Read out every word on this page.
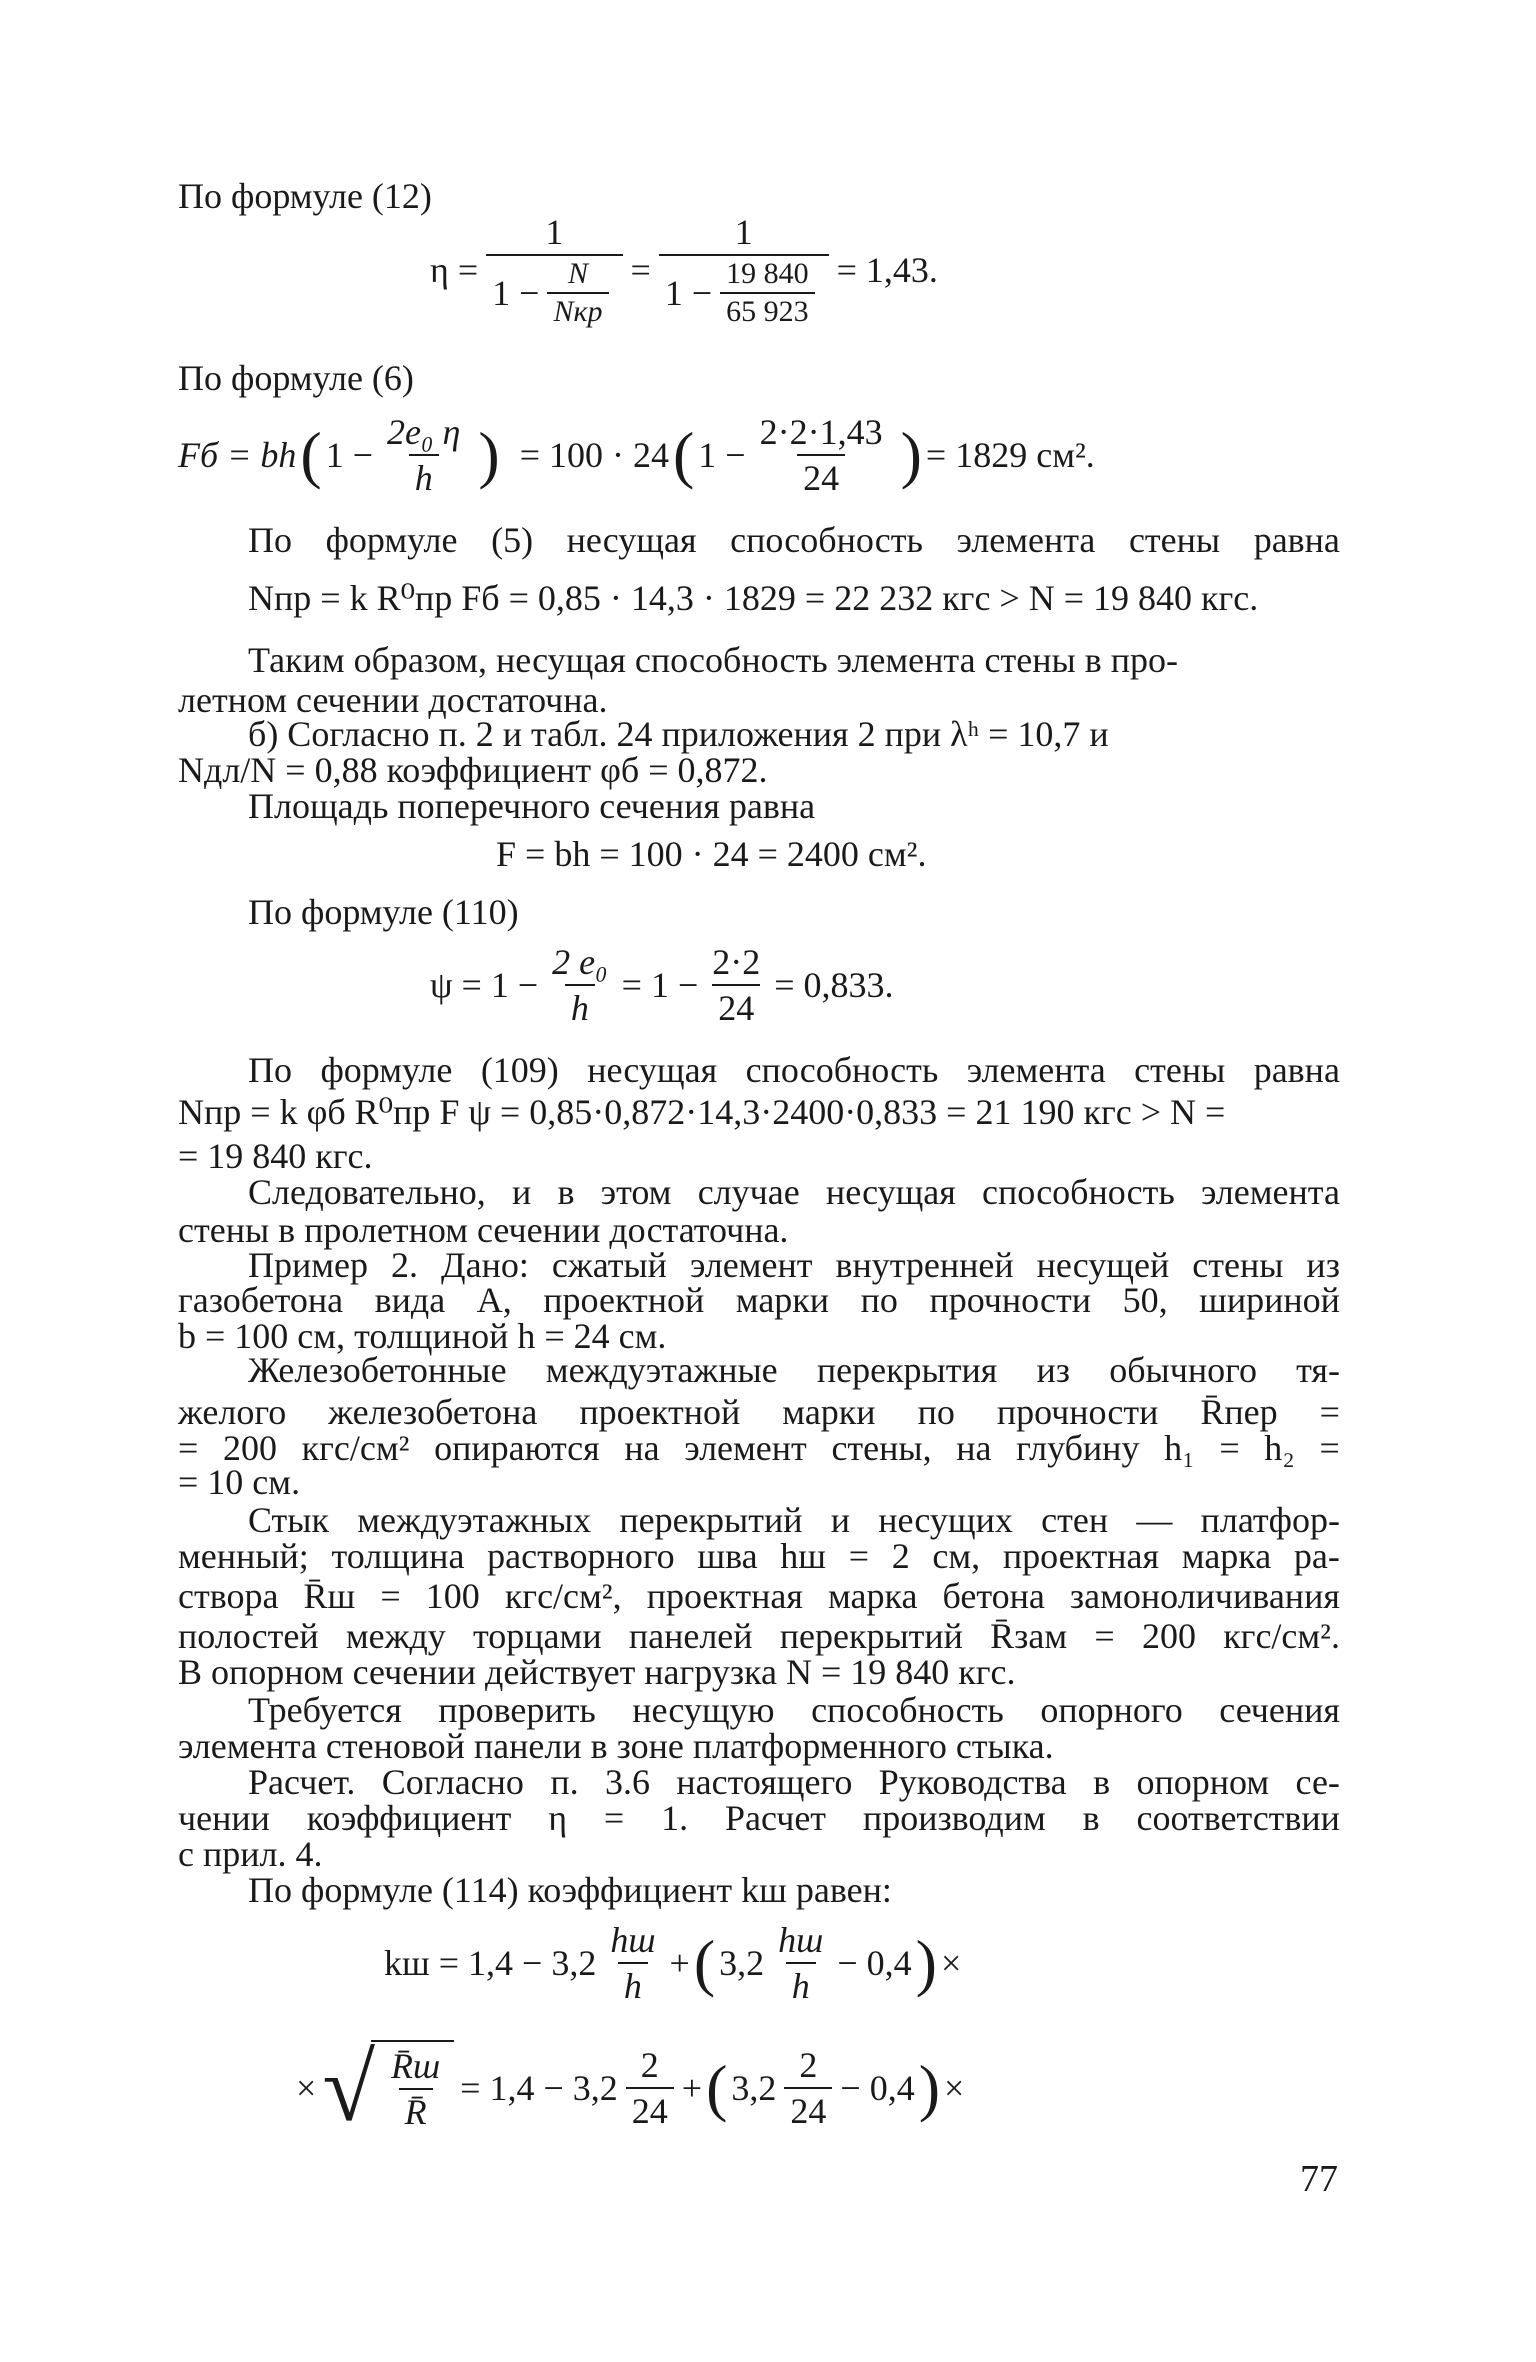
По формуле (12)
η =
1
1 − N
Nкр
= $\frac{1}{1 - \frac{19 840}{65 923}} = 1,43$.
По формуле (6)
Fб = bh ( $1 - \frac{\text{2e₀ η}}{h}$ ) = 100 · 24 ( $1 - \frac{2\cdot 2\cdot 1,43}{24}$ ) = 1829 см².
По формуле (5) несущая способность элемента стены равна
Nпр = k R⁰пр Fб = 0,85 · 14,3 · 1829 = 22 232 кгс > N = 19 840 кгс.
Таким образом, несущая способность элемента стены в про-
летном сечении достаточна.
б) Согласно п. 2 и табл. 24 приложения 2 при λʰ = 10,7 и
Nдл/N = 0,88 коэффициент φб = 0,872.
Площадь поперечного сечения равна
F = bh = 100 · 24 = 2400 см².
По формуле (110)
$\psi = 1 - \frac{\text{2 e₀}}{h} = 1 - \frac{2\cdot 2}{24} = 0,833$.
По формуле (109) несущая способность элемента стены равна
Nпр = k φб R⁰пр F ψ = 0,85·0,872·14,3·2400·0,833 = 21 190 кгс > N =
= 19 840 кгс.
Следовательно, и в этом случае несущая способность элемента
стены в пролетном сечении достаточна.
Пример 2. Дано: сжатый элемент внутренней несущей стены из
газобетона вида А, проектной марки по прочности 50, шириной
b = 100 см, толщиной h = 24 см.
Железобетонные междуэтажные перекрытия из обычного тя-
желого железобетона проектной марки по прочности R̄пер =
= 200 кгс/см² опираются на элемент стены, на глубину h₁ = h₂ =
= 10 см.
Стык междуэтажных перекрытий и несущих стен — платфор-
менный; толщина растворного шва hш = 2 см, проектная марка ра-
створа R̄ш = 100 кгс/см², проектная марка бетона замоноличивания
полостей между торцами панелей перекрытий R̄зам = 200 кгс/см².
В опорном сечении действует нагрузка N = 19 840 кгс.
Требуется проверить несущую способность опорного сечения
элемента стеновой панели в зоне платформенного стыка.
Расчет. Согласно п. 3.6 настоящего Руководства в опорном се-
чении коэффициент η = 1. Расчет производим в соответствии
с прил. 4.
По формуле (114) коэффициент kш равен:
kш = 1,4 − 3,2
hш
h
+ ( 3,2
hш
h
− 0,4 ) ×
× √ R̄ш
R̄
= $1,4 - 3,2 \frac{2}{24}$ + ( $3,2 \frac{2}{24} - 0,4$ ) ×
77
